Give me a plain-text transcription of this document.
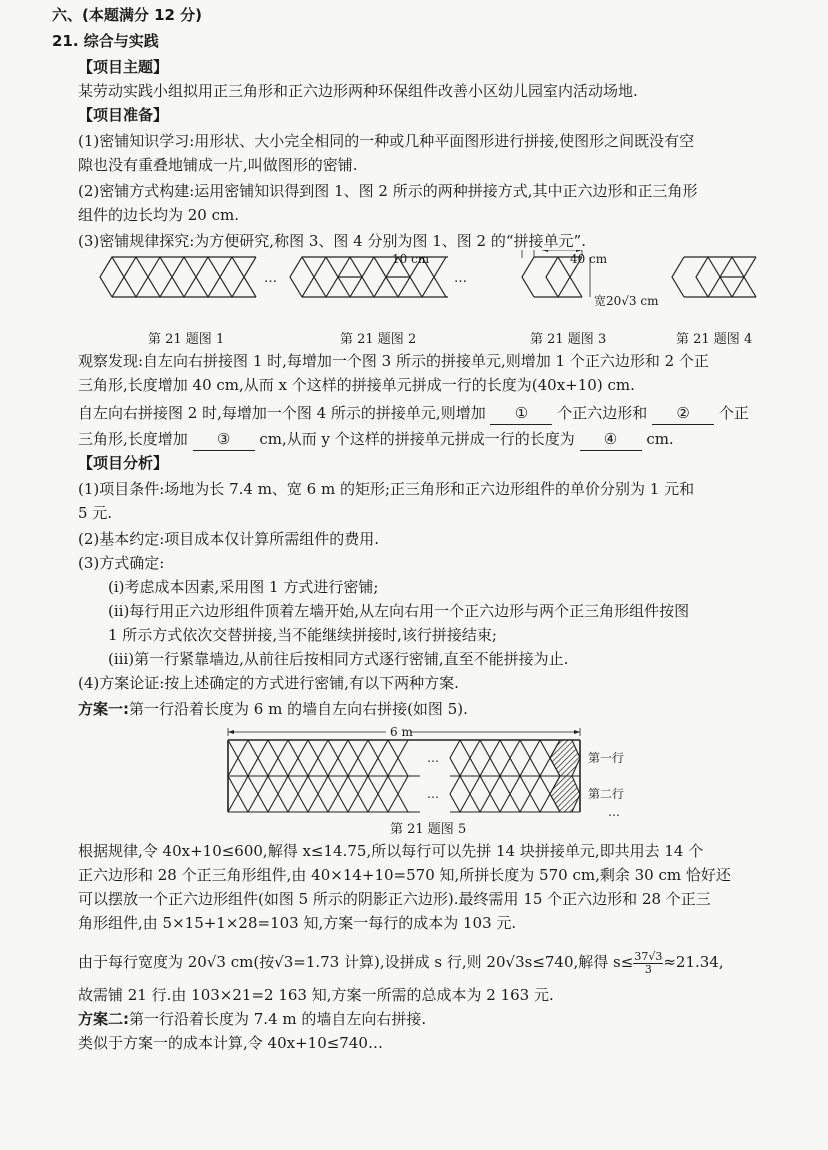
六、(本题满分 12 分)
21. 综合与实践
【项目主题】
某劳动实践小组拟用正三角形和正六边形两种环保组件改善小区幼儿园室内活动场地.
【项目准备】
(1)密铺知识学习:用形状、大小完全相同的一种或几种平面图形进行拼接,使图形之间既没有空
隙也没有重叠地铺成一片,叫做图形的密铺.
(2)密铺方式构建:运用密铺知识得到图 1、图 2 所示的两种拼接方式,其中正六边形和正三角形
组件的边长均为 20 cm.
(3)密铺规律探究:为方便研究,称图 3、图 4 分别为图 1、图 2 的“拼接单元”.
…	…
10 cm	40 cm
宽20√3 cm
第 21 题图 1	第 21 题图 2	第 21 题图 3	第 21 题图 4
观察发现:自左向右拼接图 1 时,每增加一个图 3 所示的拼接单元,则增加 1 个正六边形和 2 个正
三角形,长度增加 40 cm,从而 x 个这样的拼接单元拼成一行的长度为(40x+10) cm.
自左向右拼接图 2 时,每增加一个图 4 所示的拼接单元,则增加 ① 个正六边形和 ② 个正
三角形,长度增加 ③ cm,从而 y 个这样的拼接单元拼成一行的长度为 ④ cm.
【项目分析】
(1)项目条件:场地为长 7.4 m、宽 6 m 的矩形;正三角形和正六边形组件的单价分别为 1 元和
5 元.
(2)基本约定:项目成本仅计算所需组件的费用.
(3)方式确定:
(ⅰ)考虑成本因素,采用图 1 方式进行密铺;
(ⅱ)每行用正六边形组件顶着左墙开始,从左向右用一个正六边形与两个正三角形组件按图
1 所示方式依次交替拼接,当不能继续拼接时,该行拼接结束;
(ⅲ)第一行紧靠墙边,从前往后按相同方式逐行密铺,直至不能拼接为止.
(4)方案论证:按上述确定的方式进行密铺,有以下两种方案.
方案一:第一行沿着长度为 6 m 的墙自左向右拼接(如图 5).
6 m
…
…
第一行
第二行
…
第 21 题图 5
根据规律,令 40x+10≤600,解得 x≤14.75,所以每行可以先拼 14 块拼接单元,即共用去 14 个
正六边形和 28 个正三角形组件,由 40×14+10=570 知,所拼长度为 570 cm,剩余 30 cm 恰好还
可以摆放一个正六边形组件(如图 5 所示的阴影正六边形).最终需用 15 个正六边形和 28 个正三
角形组件,由 5×15+1×28=103 知,方案一每行的成本为 103 元.
由于每行宽度为 20√3 cm(按√3=1.73 计算),设拼成 s 行,则 20√3s≤740,解得 $s\le \frac{37√3}{3} \approx 21.34$,
故需铺 21 行.由 103×21=2 163 知,方案一所需的总成本为 2 163 元.
方案二:第一行沿着长度为 7.4 m 的墙自左向右拼接.
类似于方案一的成本计算,令 40x+10≤740…
